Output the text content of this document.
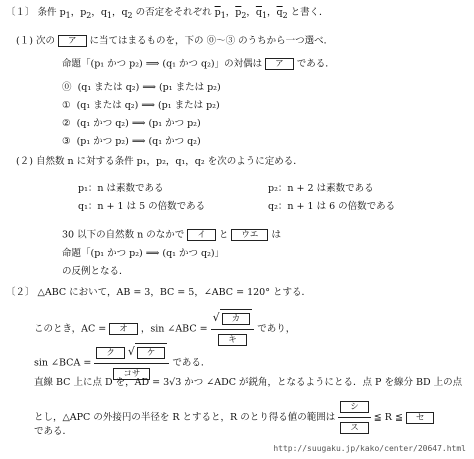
〔１〕 条件 $p_1$，$p_2$，$q_1$，$q_2$ の否定をそれぞれ $\overline{p}_1$，$\overline{p}_2$，$\overline{q}_1$，$\overline{q}_2$ と書く．
(１) 次の ア に当てはまるものを，下の ⓪〜③ のうちから一つ選べ．
命題「(p₁ かつ p₂) ⟹ (q₁ かつ q₂)」の対偶は ア である．
⓪ (q₁ または q₂) ⟹ (p₁ または p₂)
① (q₁ または q₂) ⟹ (p₁ または p₂)
② (q₁ かつ q₂) ⟹ (p₁ かつ p₂)
③ (p₁ かつ p₂) ⟹ (q₁ かつ q₂)
(２) 自然数 n に対する条件 p₁，p₂，q₁，q₂ を次のように定める．
p₁：n は素数である	p₂：n + 2 は素数である
q₁：n + 1 は 5 の倍数である	q₂：n + 1 は 6 の倍数である
30 以下の自然数 n のなかで イ と ウエ は
命題「(p₁ かつ p₂) ⟹ (q₁ かつ q₂)」
の反例となる．
〔２〕 △ABC において，AB = 3，BC = 5，∠ABC = 120° とする．
このとき，AC = オ ，sin ∠ABC = $\frac{\text{√ カ}}{\text{キ}}$ であり，
sin ∠BCA = $\frac{\text{ク √ ケ}}{\text{コサ}}$ である．
直線 BC 上に点 D を，AD = 3√3 かつ ∠ADC が鋭角，となるようにとる．点 P を線分 BD 上の点
とし，△APC の外接円の半径を R とすると，R のとり得る値の範囲は $\frac{\text{シ}}{\text{ス}}$ ≦ R ≦ セ
である．
http://suugaku.jp/kako/center/20647.html
